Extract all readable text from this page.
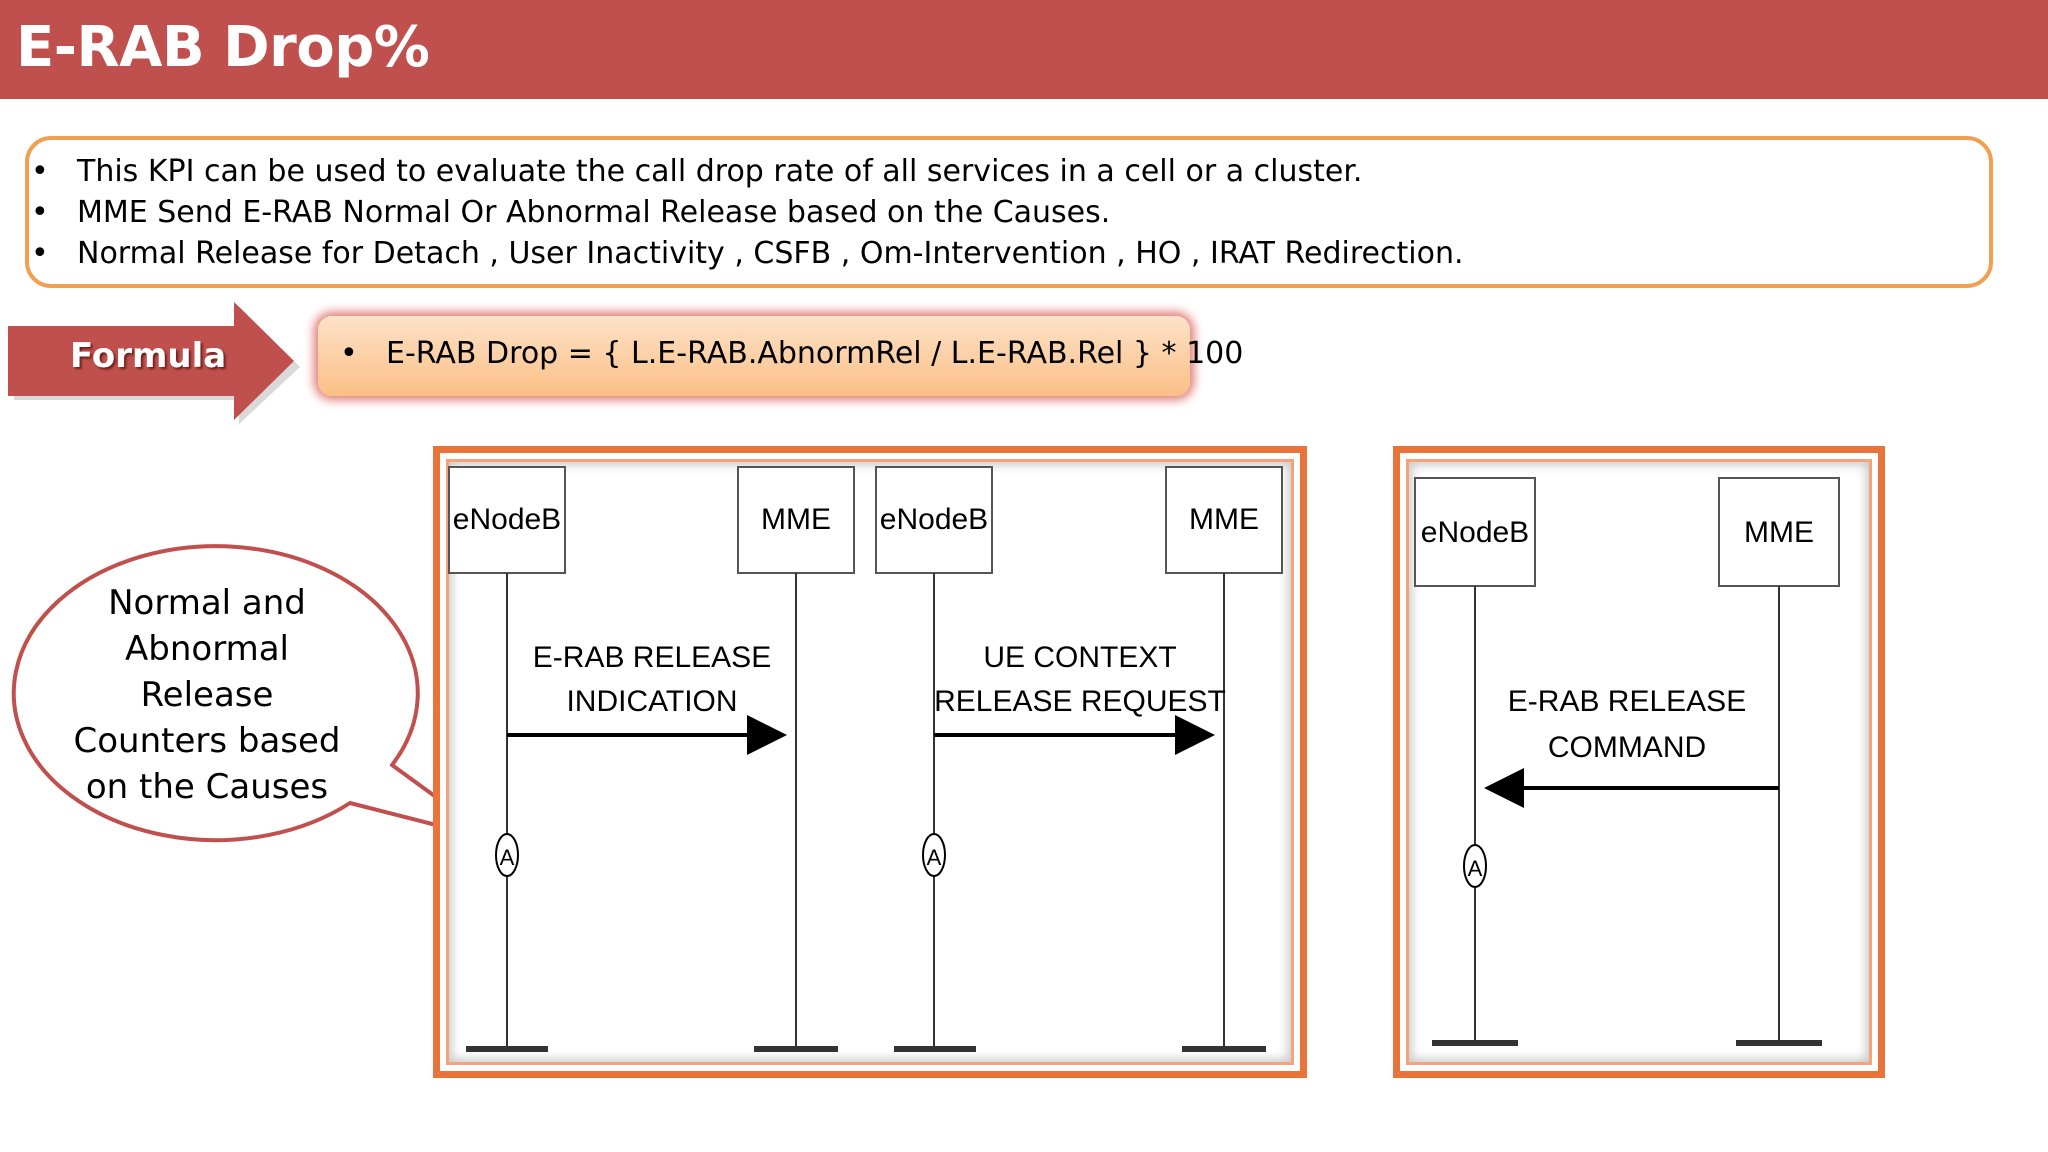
E-RAB Drop%
• This KPI can be used to evaluate the call drop rate of all services in a cell or a cluster.
• MME Send E-RAB Normal Or Abnormal Release based on the Causes.
• Normal Release for Detach , User Inactivity , CSFB , Om-Intervention , HO , IRAT Redirection.
Formula	• E-RAB Drop = { L.E-RAB.AbnormRel / L.E-RAB.Rel } * 100
Normal and
Abnormal
Release
Counters based
on the Causes
eNodeB	MME
E-RAB RELEASE
INDICATION
A
eNodeB	MME
UE CONTEXT
RELEASE REQUEST
A
eNodeB	MME
E-RAB RELEASE
COMMAND
A
